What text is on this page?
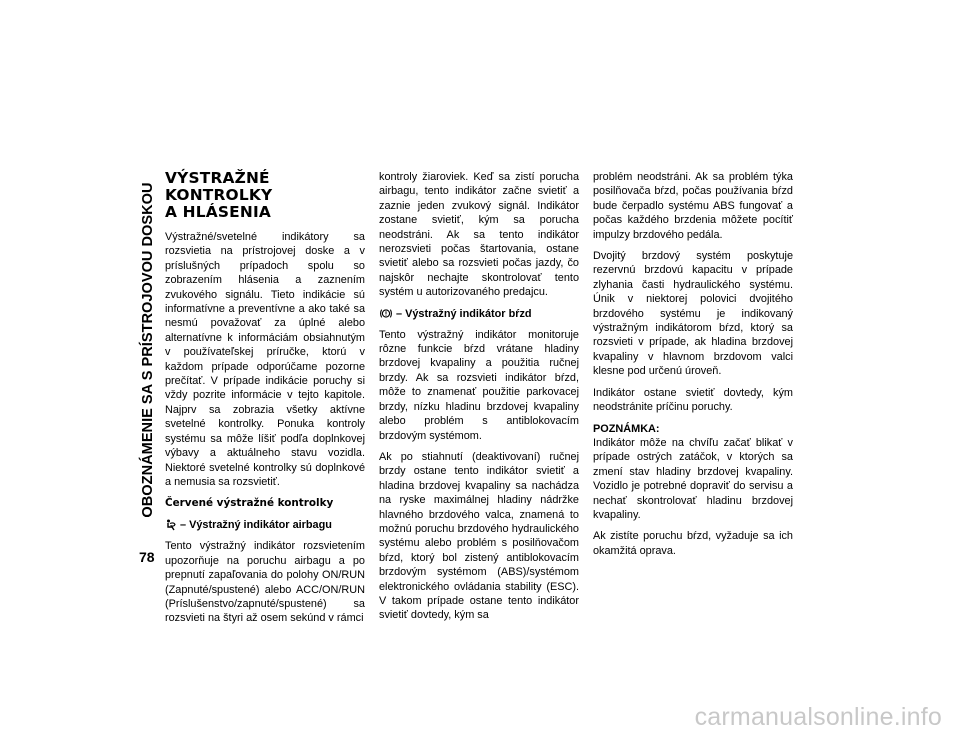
OBOZNÁMENIE SA S PRÍSTROJOVOU DOSKOU
78
VÝSTRAŽNÉ KONTROLKY
A HLÁSENIA

Výstražné/svetelné indikátory sa rozsvietia na prístrojovej doske a v príslušných prípadoch spolu so zobrazením hlásenia a zaznením zvukového signálu. Tieto indikácie sú informatívne a preventívne a ako také sa nesmú považovať za úplné alebo alternatívne k informáciám obsiahnutým v používateľskej príručke, ktorú v každom prípade odporúčame pozorne prečítať. V prípade indikácie poruchy si vždy pozrite informácie v tejto kapitole. Najprv sa zobrazia všetky aktívne svetelné kontrolky. Ponuka kontroly systému sa môže líšiť podľa doplnkovej výbavy a aktuálneho stavu vozidla. Niektoré svetelné kontrolky sú doplnkové a nemusia sa rozsvietiť.

Červené výstražné kontrolky
– Výstražný indikátor airbagu

Tento výstražný indikátor rozsvietením upozorňuje na poruchu airbagu a po prepnutí zapaľovania do polohy ON/RUN (Zapnuté/spustené) alebo ACC/ON/RUN (Príslušenstvo/zapnuté/spustené) sa rozsvieti na štyri až osem sekúnd v rámci

kontroly žiaroviek. Keď sa zistí porucha airbagu, tento indikátor začne svietiť a zaznie jeden zvukový signál. Indikátor zostane svietiť, kým sa porucha neodstráni. Ak sa tento indikátor nerozsvieti počas štartovania, ostane svietiť alebo sa rozsvieti počas jazdy, čo najskôr nechajte skontrolovať tento systém u autorizovaného predajcu.

– Výstražný indikátor bŕzd

Tento výstražný indikátor monitoruje rôzne funkcie bŕzd vrátane hladiny brzdovej kvapaliny a použitia ručnej brzdy. Ak sa rozsvieti indikátor bŕzd, môže to znamenať použitie parkovacej brzdy, nízku hladinu brzdovej kvapaliny alebo problém s antiblokovacím brzdovým systémom.

Ak po stiahnutí (deaktivovaní) ručnej brzdy ostane tento indikátor svietiť a hladina brzdovej kvapaliny sa nachádza na ryske maximálnej hladiny nádržke hlavného brzdového valca, znamená to možnú poruchu brzdového hydraulického systému alebo problém s posilňovačom bŕzd, ktorý bol zistený antiblokovacím brzdovým systémom (ABS)/systémom elektronického ovládania stability (ESC). V takom prípade ostane tento indikátor svietiť dovtedy, kým sa

problém neodstráni. Ak sa problém týka posilňovača bŕzd, počas používania bŕzd bude čerpadlo systému ABS fungovať a počas každého brzdenia môžete pocítiť impulzy brzdového pedála.

Dvojitý brzdový systém poskytuje rezervnú brzdovú kapacitu v prípade zlyhania časti hydraulického systému. Únik v niektorej polovici dvojitého brzdového systému je indikovaný výstražným indikátorom bŕzd, ktorý sa rozsvieti v prípade, ak hladina brzdovej kvapaliny v hlavnom brzdovom valci klesne pod určenú úroveň.

Indikátor ostane svietiť dovtedy, kým neodstránite príčinu poruchy.

POZNÁMKA:
Indikátor môže na chvíľu začať blikať v prípade ostrých zatáčok, v ktorých sa zmení stav hladiny brzdovej kvapaliny. Vozidlo je potrebné dopraviť do servisu a nechať skontrolovať hladinu brzdovej kvapaliny.

Ak zistíte poruchu bŕzd, vyžaduje sa ich okamžitá oprava.

carmanualsonline.info
